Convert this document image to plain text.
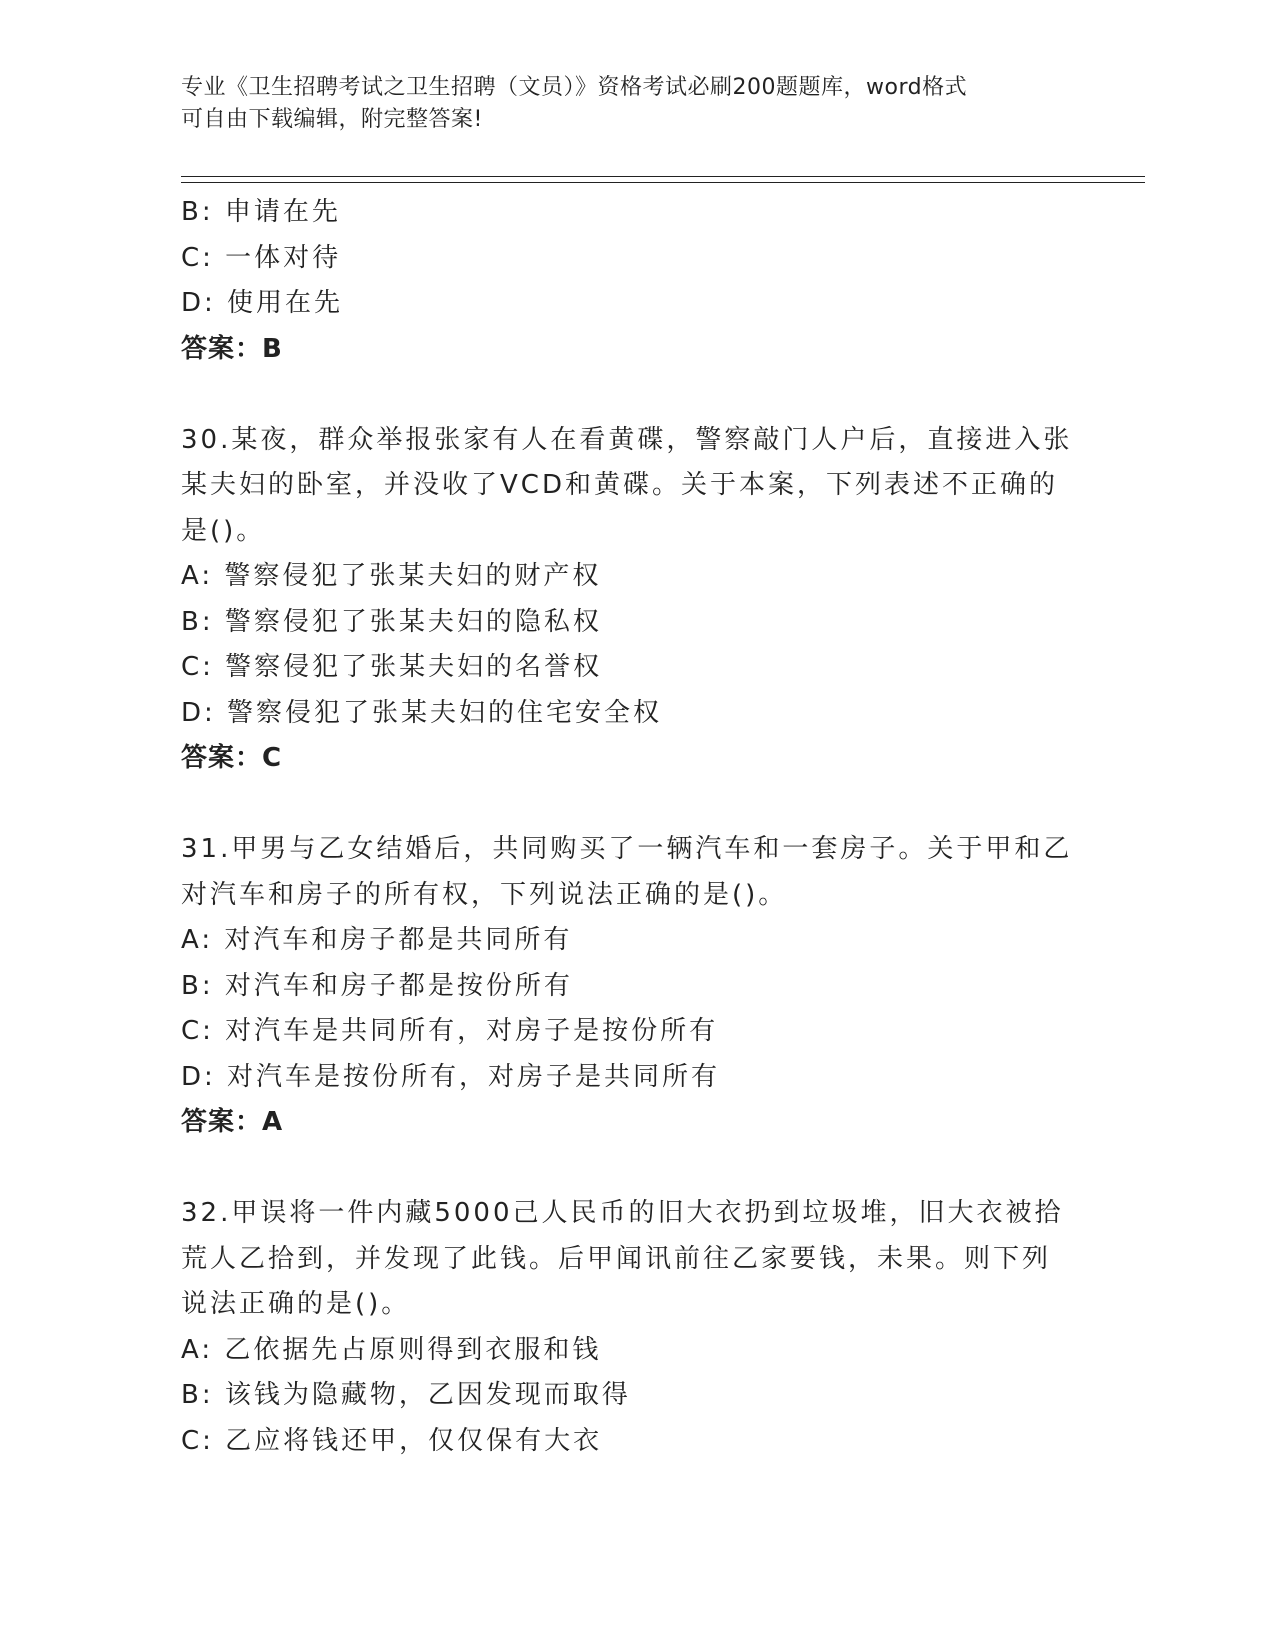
专业《卫生招聘考试之卫生招聘（文员）》资格考试必刷200题题库，word格式
可自由下载编辑，附完整答案!
B: 申请在先
C: 一体对待
D: 使用在先
答案：B
30.某夜，群众举报张家有人在看黄碟，警察敲门人户后，直接进入张
某夫妇的卧室，并没收了VCD和黄碟。关于本案，下列表述不正确的
是()。
A: 警察侵犯了张某夫妇的财产权
B: 警察侵犯了张某夫妇的隐私权
C: 警察侵犯了张某夫妇的名誉权
D: 警察侵犯了张某夫妇的住宅安全权
答案：C
31.甲男与乙女结婚后，共同购买了一辆汽车和一套房子。关于甲和乙
对汽车和房子的所有权，下列说法正确的是()。
A: 对汽车和房子都是共同所有
B: 对汽车和房子都是按份所有
C: 对汽车是共同所有，对房子是按份所有
D: 对汽车是按份所有，对房子是共同所有
答案：A
32.甲误将一件内藏5000己人民币的旧大衣扔到垃圾堆，旧大衣被拾
荒人乙拾到，并发现了此钱。后甲闻讯前往乙家要钱，未果。则下列
说法正确的是()。
A: 乙依据先占原则得到衣服和钱
B: 该钱为隐藏物，乙因发现而取得
C: 乙应将钱还甲，仅仅保有大衣
